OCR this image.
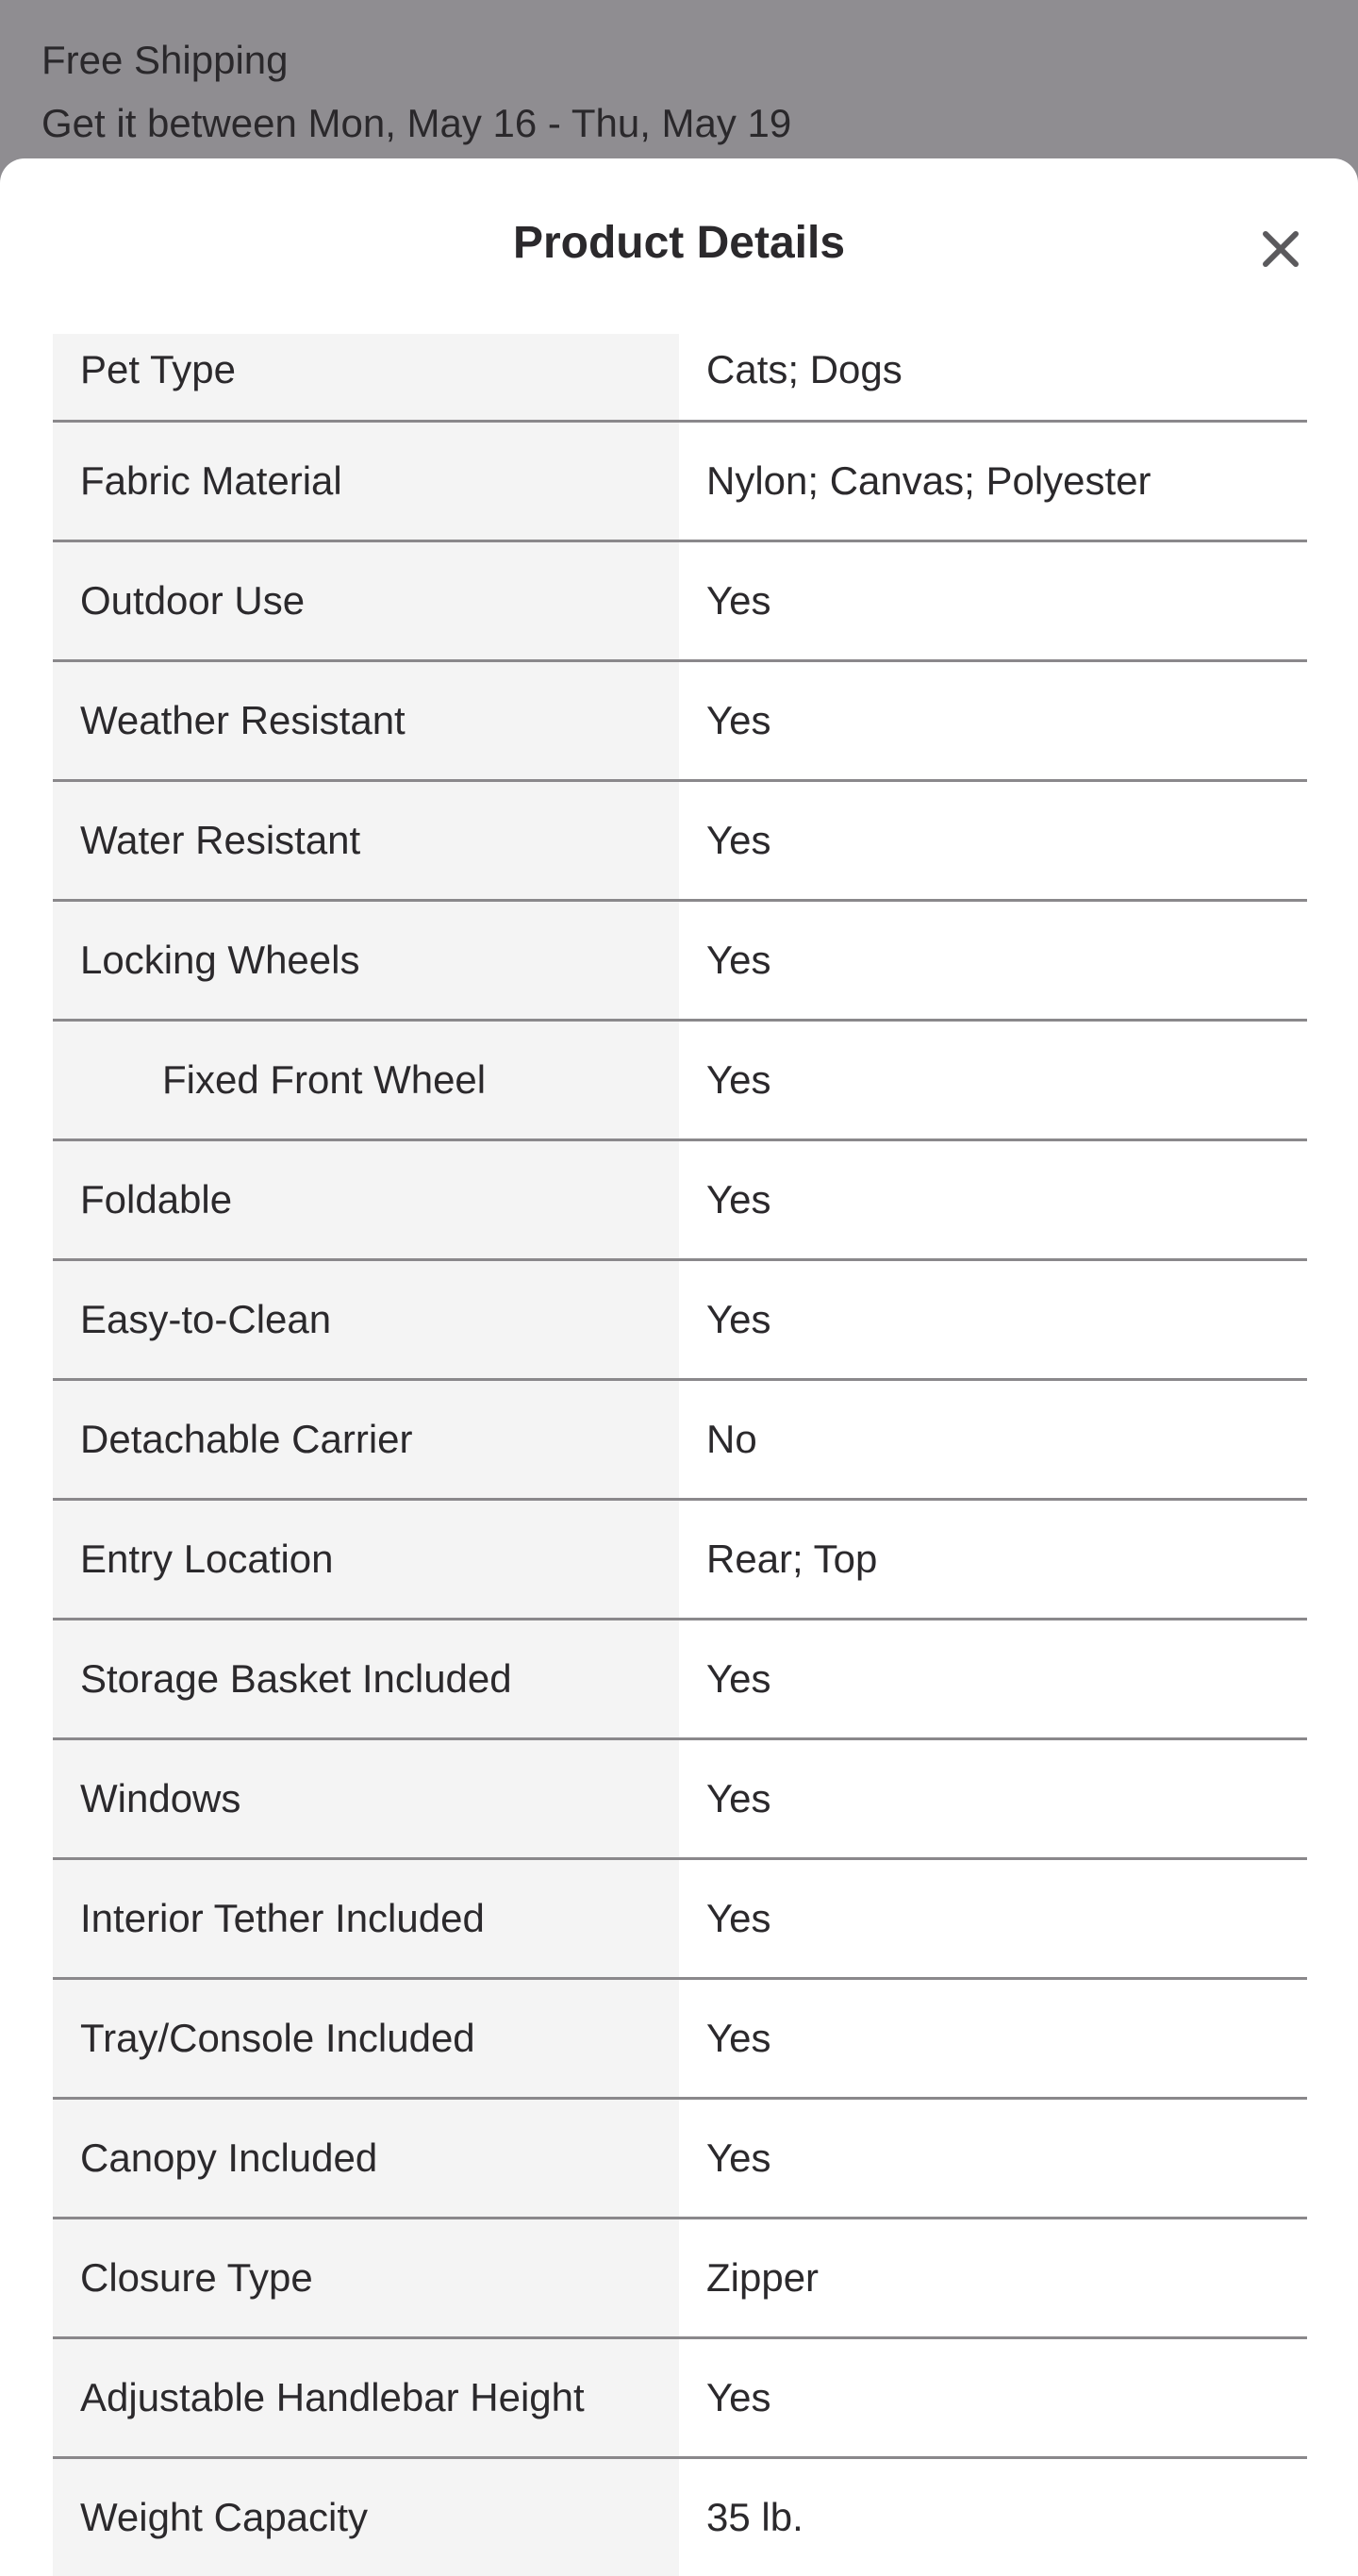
Free Shipping
Get it between Mon, May 16 - Thu, May 19
Product Details
Pet Type	Cats; Dogs
Fabric Material	Nylon; Canvas; Polyester
Outdoor Use	Yes
Weather Resistant	Yes
Water Resistant	Yes
Locking Wheels	Yes
Fixed Front Wheel	Yes
Foldable	Yes
Easy-to-Clean	Yes
Detachable Carrier	No
Entry Location	Rear; Top
Storage Basket Included	Yes
Windows	Yes
Interior Tether Included	Yes
Tray/Console Included	Yes
Canopy Included	Yes
Closure Type	Zipper
Adjustable Handlebar Height	Yes
Weight Capacity	35 lb.
